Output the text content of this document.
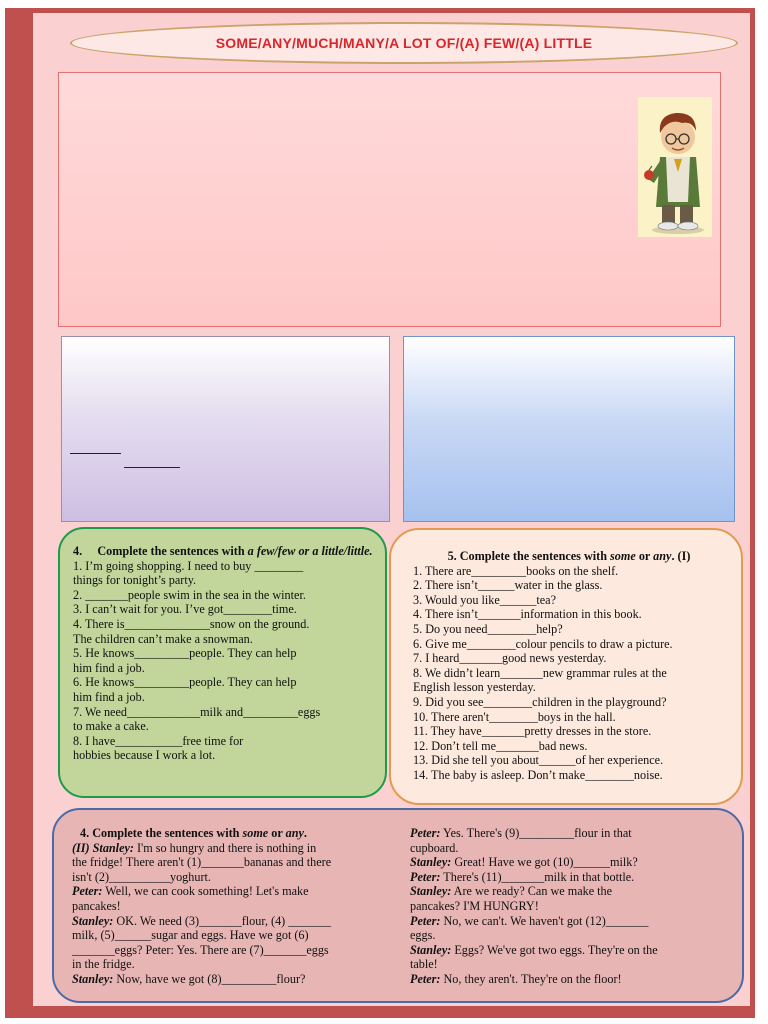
SOME/ANY/MUCH/MANY/A LOT OF/(A) FEW/(A) LITTLE

4. Complete the sentences with a few/few or a little/little.

1. I’m going shopping. I need to buy ________

things for tonight’s party.

2. _______people swim in the sea in the winter.

3. I can’t wait for you. I’ve got________time.

4. There is______________snow on the ground.

The children can’t make a snowman.

5. He knows_________people. They can help

him find a job.

6. He knows_________people. They can help

him find a job.

7. We need____________milk and_________eggs

to make a cake.

8. I have___________free time for

hobbies because I work a lot.

5. Complete the sentences with some or any. (I)

1. There are_________books on the shelf.

2. There isn’t______water in the glass.

3. Would you like______tea?

4. There isn’t_______information in this book.

5. Do you need________help?

6. Give me________colour pencils to draw a picture.

7. I heard_______good news yesterday.

8. We didn’t learn_______new grammar rules at the

English lesson yesterday.

9. Did you see________children in the playground?

10. There aren't________boys in the hall.

11. They have_______pretty dresses in the store.

12. Don’t tell me_______bad news.

13. Did she tell you about______of her experience.

14. The baby is asleep. Don’t make________noise.

4. Complete the sentences with some or any.

(II) Stanley: I'm so hungry and there is nothing in

the fridge! There aren't (1)_______bananas and there

isn't (2)__________yoghurt.

Peter: Well, we can cook something! Let's make

pancakes!

Stanley: OK. We need (3)_______flour, (4) _______

milk, (5)______sugar and eggs. Have we got (6)

_______eggs? Peter: Yes. There are (7)_______eggs

in the fridge.

Stanley: Now, have we got (8)_________flour?

Peter: Yes. There's (9)_________flour in that

cupboard.

Stanley: Great! Have we got (10)______milk?

Peter: There's (11)_______milk in that bottle.

Stanley: Are we ready? Can we make the

pancakes? I'M HUNGRY!

Peter: No, we can't. We haven't got (12)_______

eggs.

Stanley: Eggs? We've got two eggs. They're on the

table!

Peter: No, they aren't. They're on the floor!
